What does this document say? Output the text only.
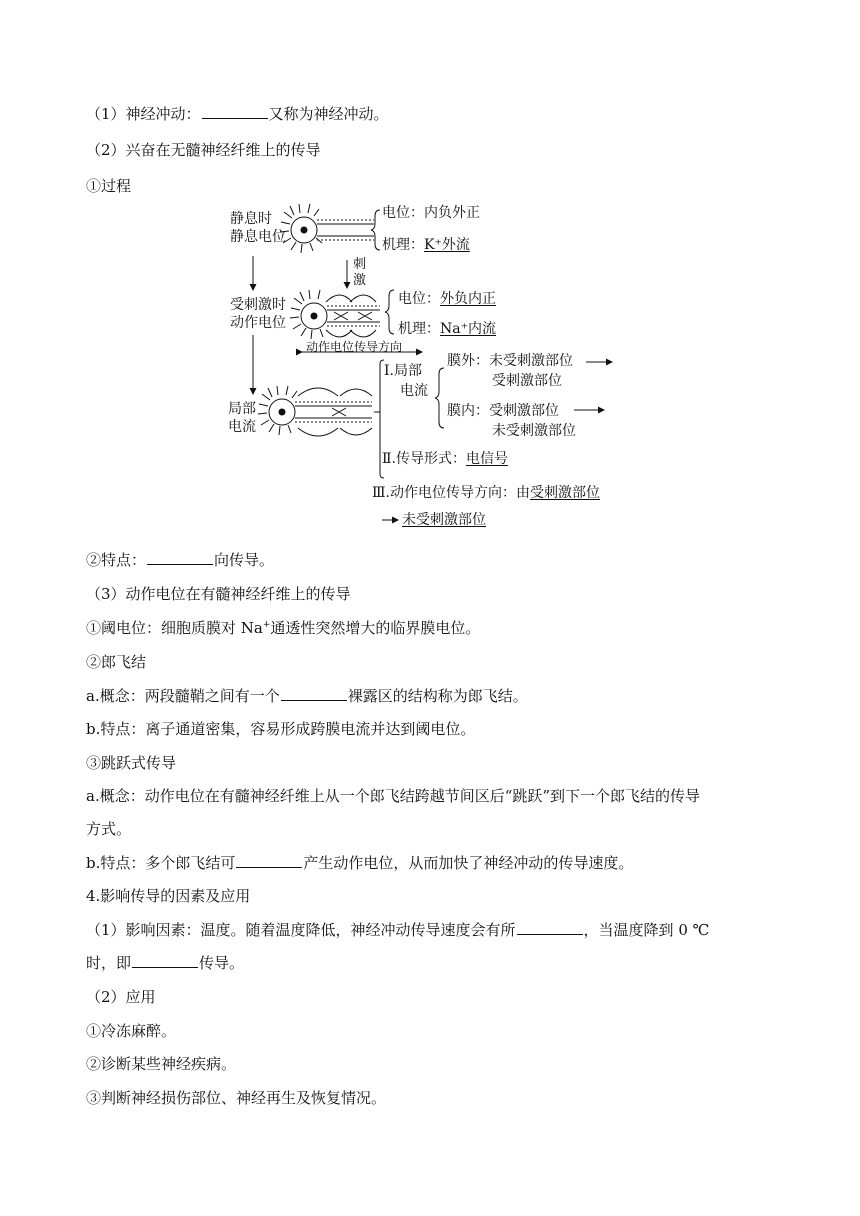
（1）神经冲动：	又称为神经冲动。
（2）兴奋在无髓神经纤维上的传导
①过程
静息时
静息电位
电位：内负外正
机理：K⁺外流
刺
激
受刺激时
动作电位
电位：外负内正
机理：Na⁺内流
动作电位传导方向
局部
电流
Ⅰ.局部
电流
膜外：未受刺激部位
受刺激部位
膜内：受刺激部位
未受刺激部位
Ⅱ.传导形式：电信号
Ⅲ.动作电位传导方向：由受刺激部位
未受刺激部位
②特点：	向传导。
（3）动作电位在有髓神经纤维上的传导
①阈电位：细胞质膜对 Na+通透性突然增大的临界膜电位。
②郎飞结
a.概念：两段髓鞘之间有一个	裸露区的结构称为郎飞结。
b.特点：离子通道密集，容易形成跨膜电流并达到阈电位。
③跳跃式传导
a.概念：动作电位在有髓神经纤维上从一个郎飞结跨越节间区后“跳跃”到下一个郎飞结的传导
方式。
b.特点：多个郎飞结可	产生动作电位，从而加快了神经冲动的传导速度。
4.影响传导的因素及应用
（1）影响因素：温度。随着温度降低，神经冲动传导速度会有所	，当温度降到 0 ℃
时，即	传导。
（2）应用
①冷冻麻醉。
②诊断某些神经疾病。
③判断神经损伤部位、神经再生及恢复情况。
